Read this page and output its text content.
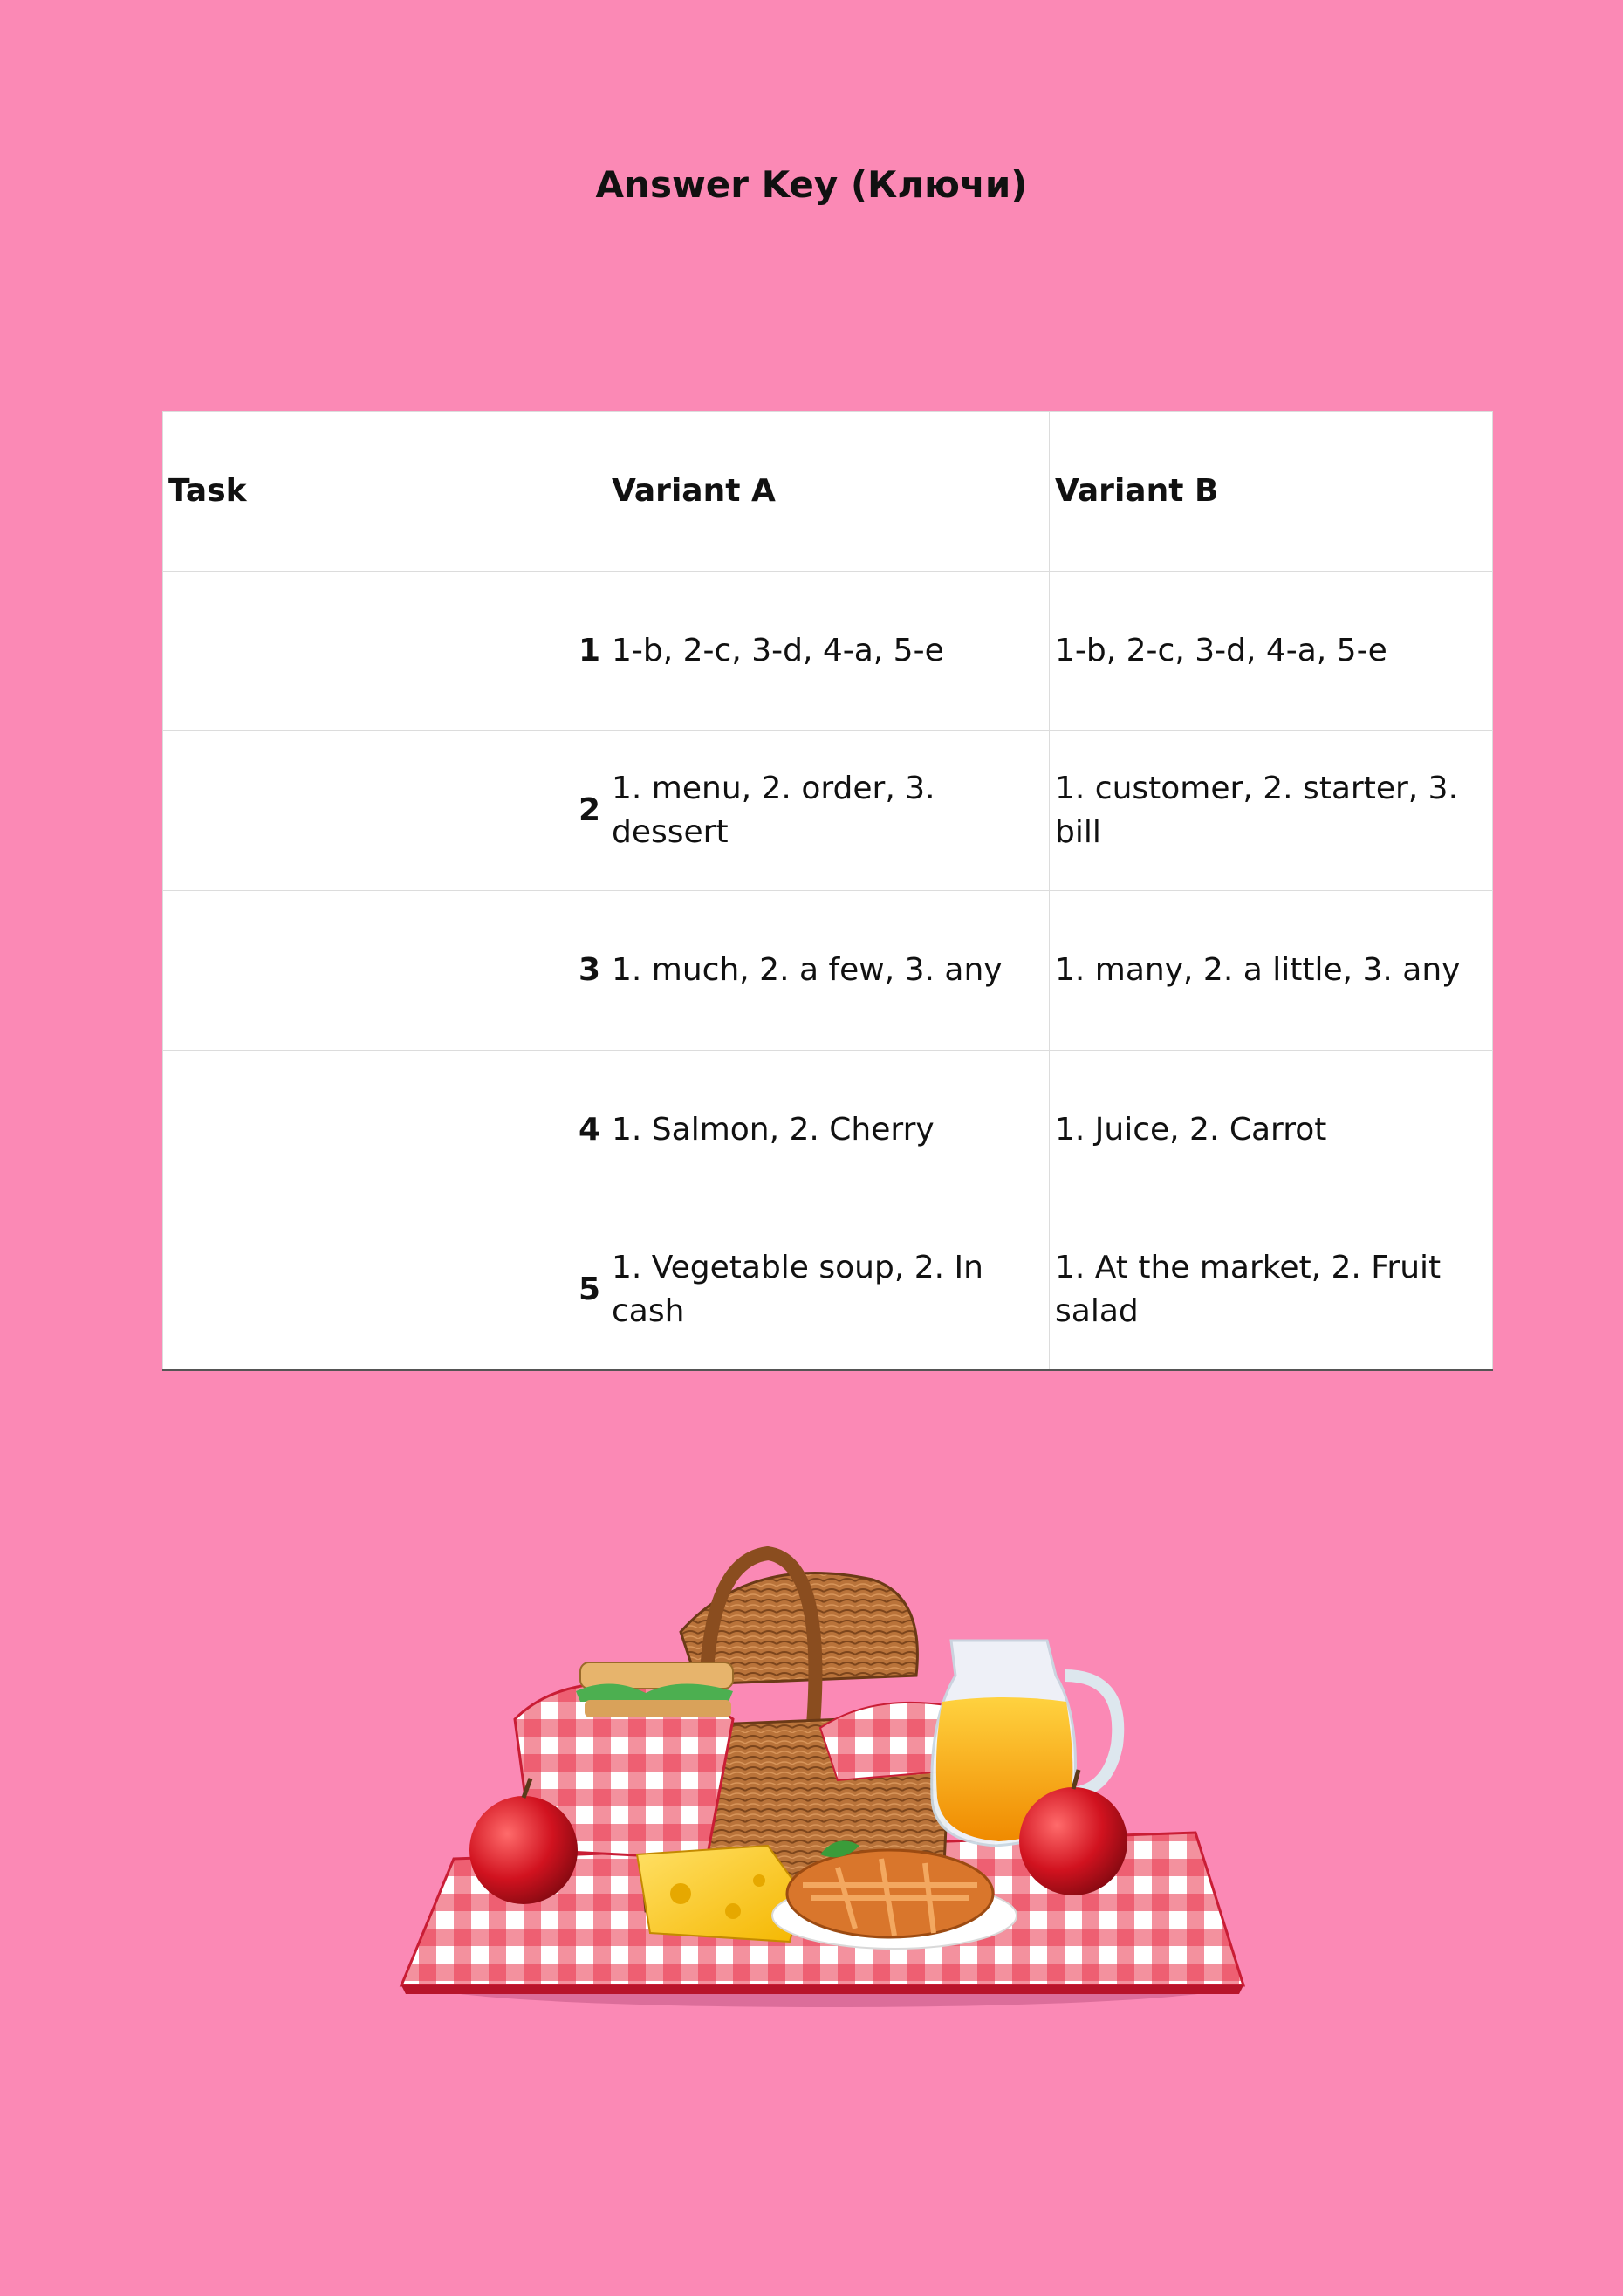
Answer Key (Ключи)
Task	Variant A	Variant B
1	1-b, 2-c, 3-d, 4-a, 5-e	1-b, 2-c, 3-d, 4-a, 5-e
2	1. menu, 2. order, 3. dessert	1. customer, 2. starter, 3. bill
3	1. much, 2. a few, 3. any	1. many, 2. a little, 3. any
4	1. Salmon, 2. Cherry	1. Juice, 2. Carrot
5	1. Vegetable soup, 2. In cash	1. At the market, 2. Fruit salad
